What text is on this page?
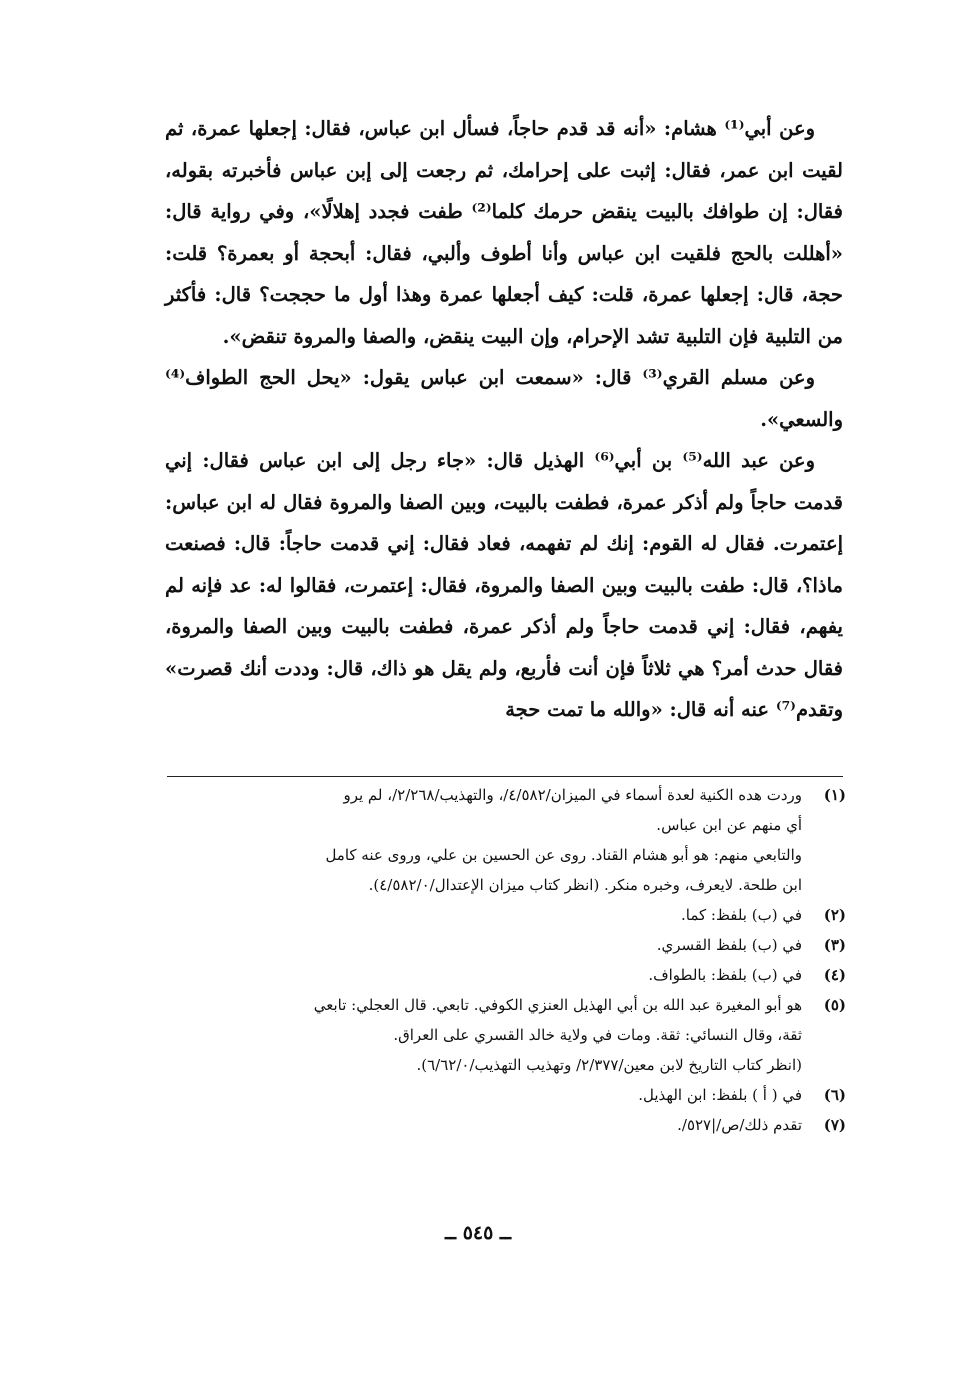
وعن أبي⁽¹⁾ هشام: «أنه قد قدم حاجاً، فسأل ابن عباس، فقال: إجعلها عمرة، ثم لقيت ابن عمر، فقال: إثبت على إحرامك، ثم رجعت إلى إبن عباس فأخبرته بقوله، فقال: إن طوافك بالبيت ينقض حرمك كلما⁽²⁾ طفت فجدد إهلالًا»، وفي رواية قال: «أهللت بالحج فلقيت ابن عباس وأنا أطوف وألبي، فقال: أبحجة أو بعمرة؟ قلت: حجة، قال: إجعلها عمرة، قلت: كيف أجعلها عمرة وهذا أول ما حججت؟ قال: فأكثر من التلبية فإن التلبية تشد الإحرام، وإن البيت ينقض، والصفا والمروة تنقض».

وعن مسلم القري⁽³⁾ قال: «سمعت ابن عباس يقول: «يحل الحج الطواف⁽⁴⁾ والسعي».

وعن عبد الله⁽⁵⁾ بن أبي⁽⁶⁾ الهذيل قال: «جاء رجل إلى ابن عباس فقال: إني قدمت حاجاً ولم أذكر عمرة، فطفت بالبيت، وبين الصفا والمروة فقال له ابن عباس: إعتمرت. فقال له القوم: إنك لم تفهمه، فعاد فقال: إني قدمت حاجاً: قال: فصنعت ماذا؟، قال: طفت بالبيت وبين الصفا والمروة، فقال: إعتمرت، فقالوا له: عد فإنه لم يفهم، فقال: إني قدمت حاجاً ولم أذكر عمرة، فطفت بالبيت وبين الصفا والمروة، فقال حدث أمر؟ هي ثلاثاً فإن أنت فأربع، ولم يقل هو ذاك، قال: وددت أنك قصرت» وتقدم⁽⁷⁾ عنه أنه قال: «والله ما تمت حجة

(١)
وردت هده الكنية لعدة أسماء في الميزان/٤/٥٨٢/، والتهذيب/٢/٢٦٨/، لم يرو
أي منهم عن ابن عباس.
والتابعي منهم: هو أبو هشام القناد. روى عن الحسين بن علي، وروى عنه كامل
ابن طلحة. لايعرف، وخبره منكر. (انظر كتاب ميزان الإعتدال/٤/٥٨٢/٠).
(٢)
في (ب) بلفظ: كما.
(٣)
في (ب) بلفظ القسري.
(٤)
في (ب) بلفظ: بالطواف.
(٥)
هو أبو المغيرة عبد الله بن أبي الهذيل العنزي الكوفي. تابعي. قال العجلي: تابعي
ثقة، وقال النسائي: ثقة. ومات في ولاية خالد القسري على العراق.
(انظر كتاب التاريخ لابن معين/٢/٣٧٧/ وتهذيب التهذيب/٦/٦٢/٠).
(٦)
في ( أ ) بلفظ: ابن الهذيل.
(٧)
تقدم ذلك/ص/|٥٢٧/.
ــ ٥٤٥ ــ
